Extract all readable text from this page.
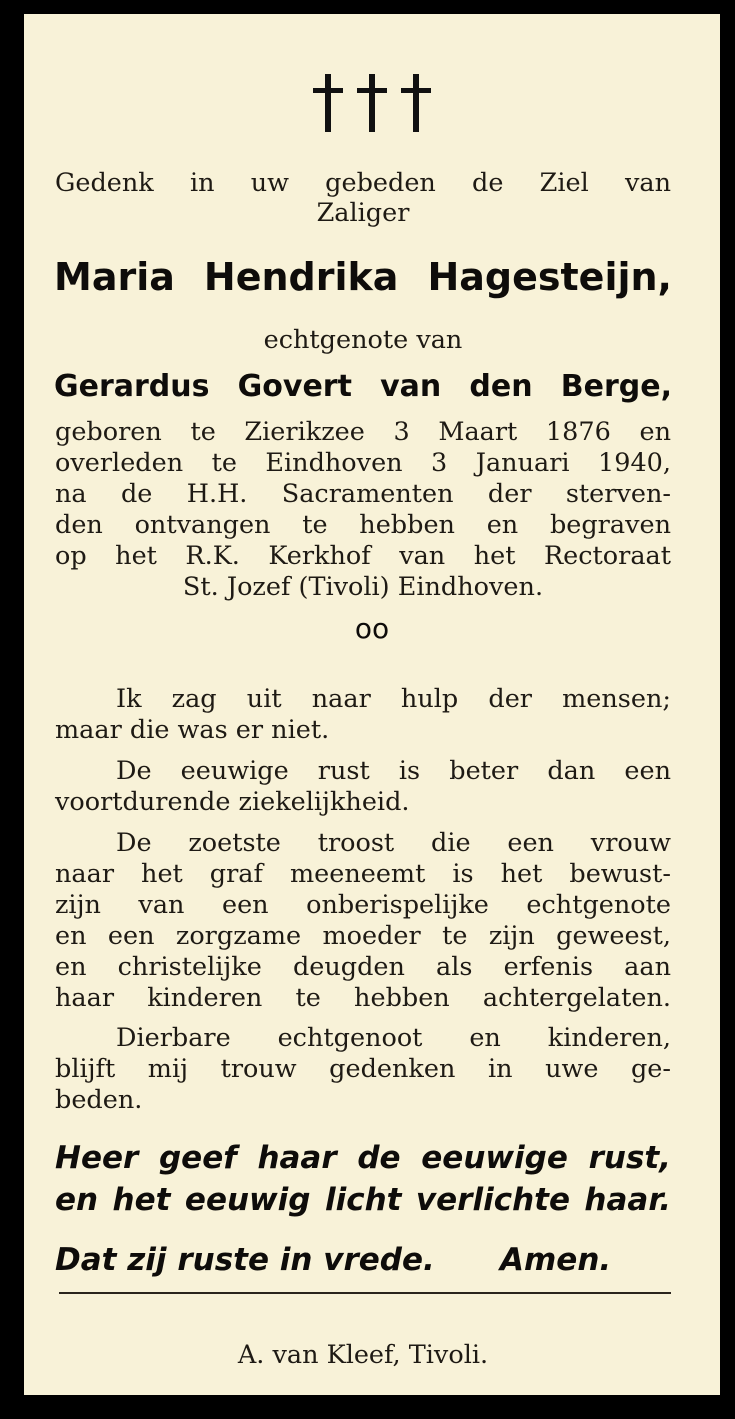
Gedenk in uw gebeden de Ziel van
Zaliger
Maria Hendrika Hagesteijn,
echtgenote van
Gerardus Govert van den Berge,
geboren te Zierikzee 3 Maart 1876 en
overleden te Eindhoven 3 Januari 1940,
na de H.H. Sacramenten der sterven-
den ontvangen te hebben en begraven
op het R.K. Kerkhof van het Rectoraat
St. Jozef (Tivoli) Eindhoven.
oo
Ik zag uit naar hulp der mensen;
maar die was er niet.
De eeuwige rust is beter dan een
voortdurende ziekelijkheid.
De zoetste troost die een vrouw
naar het graf meeneemt is het bewust-
zijn van een onberispelijke echtgenote
en een zorgzame moeder te zijn geweest,
en christelijke deugden als erfenis aan
haar kinderen te hebben achtergelaten.
Dierbare echtgenoot en kinderen,
blijft mij trouw gedenken in uwe ge-
beden.
Heer geef haar de eeuwige rust,
en het eeuwig licht verlichte haar.
Dat zij ruste in vrede. Amen.
A. van Kleef, Tivoli.
